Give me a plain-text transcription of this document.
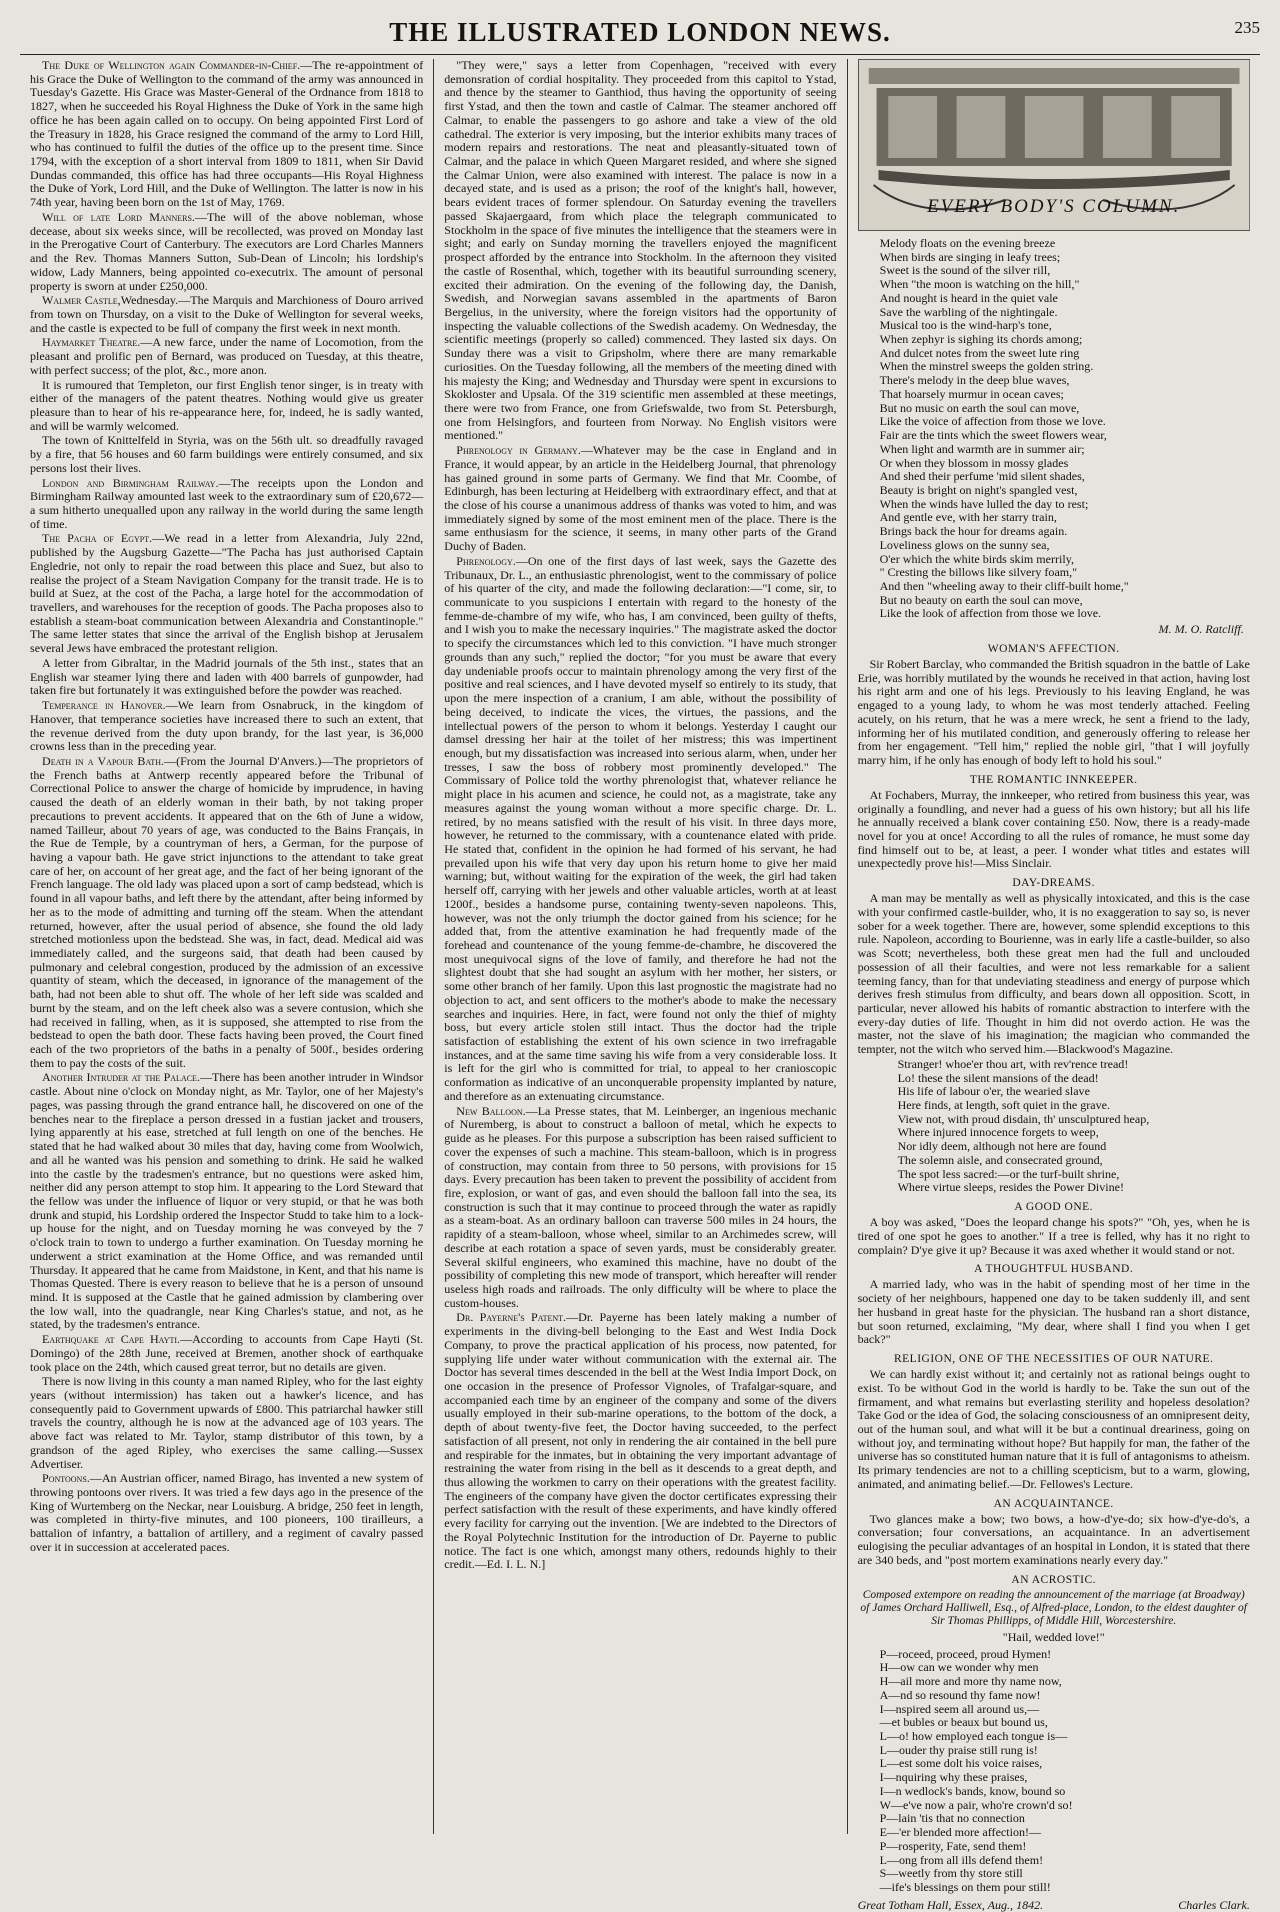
THE ILLUSTRATED LONDON NEWS.	235

The Duke of Wellington again Commander-in-Chief.—The re-appointment of his Grace the Duke of Wellington to the command of the army was announced in Tuesday's Gazette. His Grace was Master-General of the Ordnance from 1818 to 1827, when he succeeded his Royal Highness the Duke of York in the same high office he has been again called on to occupy. On being appointed First Lord of the Treasury in 1828, his Grace resigned the command of the army to Lord Hill, who has continued to fulfil the duties of the office up to the present time. Since 1794, with the exception of a short interval from 1809 to 1811, when Sir David Dundas commanded, this office has had three occupants—His Royal Highness the Duke of York, Lord Hill, and the Duke of Wellington. The latter is now in his 74th year, having been born on the 1st of May, 1769.

Will of late Lord Manners.—The will of the above nobleman, whose decease, about six weeks since, will be recollected, was proved on Monday last in the Prerogative Court of Canterbury. The executors are Lord Charles Manners and the Rev. Thomas Manners Sutton, Sub-Dean of Lincoln; his lordship's widow, Lady Manners, being appointed co-executrix. The amount of personal property is sworn at under £250,000.

Walmer Castle,Wednesday.—The Marquis and Marchioness of Douro arrived from town on Thursday, on a visit to the Duke of Wellington for several weeks, and the castle is expected to be full of company the first week in next month.

Haymarket Theatre.—A new farce, under the name of Locomotion, from the pleasant and prolific pen of Bernard, was produced on Tuesday, at this theatre, with perfect success; of the plot, &c., more anon.

It is rumoured that Templeton, our first English tenor singer, is in treaty with either of the managers of the patent theatres. Nothing would give us greater pleasure than to hear of his re-appearance here, for, indeed, he is sadly wanted, and will be warmly welcomed.

The town of Knittelfeld in Styria, was on the 56th ult. so dreadfully ravaged by a fire, that 56 houses and 60 farm buildings were entirely consumed, and six persons lost their lives.

London and Birmingham Railway.—The receipts upon the London and Birmingham Railway amounted last week to the extraordinary sum of £20,672—a sum hitherto unequalled upon any railway in the world during the same length of time.

The Pacha of Egypt.—We read in a letter from Alexandria, July 22nd, published by the Augsburg Gazette—"The Pacha has just authorised Captain Engledrie, not only to repair the road between this place and Suez, but also to realise the project of a Steam Navigation Company for the transit trade. He is to build at Suez, at the cost of the Pacha, a large hotel for the accommodation of travellers, and warehouses for the reception of goods. The Pacha proposes also to establish a steam-boat communication between Alexandria and Constantinople." The same letter states that since the arrival of the English bishop at Jerusalem several Jews have embraced the protestant religion.

A letter from Gibraltar, in the Madrid journals of the 5th inst., states that an English war steamer lying there and laden with 400 barrels of gunpowder, had taken fire but fortunately it was extinguished before the powder was reached.

Temperance in Hanover.—We learn from Osnabruck, in the kingdom of Hanover, that temperance societies have increased there to such an extent, that the revenue derived from the duty upon brandy, for the last year, is 36,000 crowns less than in the preceding year.

Death in a Vapour Bath.—(From the Journal D'Anvers.)—The proprietors of the French baths at Antwerp recently appeared before the Tribunal of Correctional Police to answer the charge of homicide by imprudence, in having caused the death of an elderly woman in their bath, by not taking proper precautions to prevent accidents. It appeared that on the 6th of June a widow, named Tailleur, about 70 years of age, was conducted to the Bains Français, in the Rue de Temple, by a countryman of hers, a German, for the purpose of having a vapour bath. He gave strict injunctions to the attendant to take great care of her, on account of her great age, and the fact of her being ignorant of the French language. The old lady was placed upon a sort of camp bedstead, which is found in all vapour baths, and left there by the attendant, after being informed by her as to the mode of admitting and turning off the steam. When the attendant returned, however, after the usual period of absence, she found the old lady stretched motionless upon the bedstead. She was, in fact, dead. Medical aid was immediately called, and the surgeons said, that death had been caused by pulmonary and celebral congestion, produced by the admission of an excessive quantity of steam, which the deceased, in ignorance of the management of the bath, had not been able to shut off. The whole of her left side was scalded and burnt by the steam, and on the left cheek also was a severe contusion, which she had received in falling, when, as it is supposed, she attempted to rise from the bedstead to open the bath door. These facts having been proved, the Court fined each of the two proprietors of the baths in a penalty of 500f., besides ordering them to pay the costs of the suit.

Another Intruder at the Palace.—There has been another intruder in Windsor castle. About nine o'clock on Monday night, as Mr. Taylor, one of her Majesty's pages, was passing through the grand entrance hall, he discovered on one of the benches near to the fireplace a person dressed in a fustian jacket and trousers, lying apparently at his ease, stretched at full length on one of the benches. He stated that he had walked about 30 miles that day, having come from Woolwich, and all he wanted was his pension and something to drink. He said he walked into the castle by the tradesmen's entrance, but no questions were asked him, neither did any person attempt to stop him. It appearing to the Lord Steward that the fellow was under the influence of liquor or very stupid, or that he was both drunk and stupid, his Lordship ordered the Inspector Studd to take him to a lock-up house for the night, and on Tuesday morning he was conveyed by the 7 o'clock train to town to undergo a further examination. On Tuesday morning he underwent a strict examination at the Home Office, and was remanded until Thursday. It appeared that he came from Maidstone, in Kent, and that his name is Thomas Quested. There is every reason to believe that he is a person of unsound mind. It is supposed at the Castle that he gained admission by clambering over the low wall, into the quadrangle, near King Charles's statue, and not, as he stated, by the tradesmen's entrance.

Earthquake at Cape Hayti.—According to accounts from Cape Hayti (St. Domingo) of the 28th June, received at Bremen, another shock of earthquake took place on the 24th, which caused great terror, but no details are given.

There is now living in this county a man named Ripley, who for the last eighty years (without intermission) has taken out a hawker's licence, and has consequently paid to Government upwards of £800. This patriarchal hawker still travels the country, although he is now at the advanced age of 103 years. The above fact was related to Mr. Taylor, stamp distributor of this town, by a grandson of the aged Ripley, who exercises the same calling.—Sussex Advertiser.

Pontoons.—An Austrian officer, named Birago, has invented a new system of throwing pontoons over rivers. It was tried a few days ago in the presence of the King of Wurtemberg on the Neckar, near Louisburg. A bridge, 250 feet in length, was completed in thirty-five minutes, and 100 pioneers, 100 tirailleurs, a battalion of infantry, a battalion of artillery, and a regiment of cavalry passed over it in succession at accelerated paces.

"They were," says a letter from Copenhagen, "received with every demonsration of cordial hospitality. They proceeded from this capitol to Ystad, and thence by the steamer to Ganthiod, thus having the opportunity of seeing first Ystad, and then the town and castle of Calmar. The steamer anchored off Calmar, to enable the passengers to go ashore and take a view of the old cathedral. The exterior is very imposing, but the interior exhibits many traces of modern repairs and restorations. The neat and pleasantly-situated town of Calmar, and the palace in which Queen Margaret resided, and where she signed the Calmar Union, were also examined with interest. The palace is now in a decayed state, and is used as a prison; the roof of the knight's hall, however, bears evident traces of former splendour. On Saturday evening the travellers passed Skajaergaard, from which place the telegraph communicated to Stockholm in the space of five minutes the intelligence that the steamers were in sight; and early on Sunday morning the travellers enjoyed the magnificent prospect afforded by the entrance into Stockholm. In the afternoon they visited the castle of Rosenthal, which, together with its beautiful surrounding scenery, excited their admiration. On the evening of the following day, the Danish, Swedish, and Norwegian savans assembled in the apartments of Baron Bergelius, in the university, where the foreign visitors had the opportunity of inspecting the valuable collections of the Swedish academy. On Wednesday, the scientific meetings (properly so called) commenced. They lasted six days. On Sunday there was a visit to Gripsholm, where there are many remarkable curiosities. On the Tuesday following, all the members of the meeting dined with his majesty the King; and Wednesday and Thursday were spent in excursions to Skokloster and Upsala. Of the 319 scientific men assembled at these meetings, there were two from France, one from Griefswalde, two from St. Petersburgh, one from Helsingfors, and fourteen from Norway. No English visitors were mentioned."

Phrenology in Germany.—Whatever may be the case in England and in France, it would appear, by an article in the Heidelberg Journal, that phrenology has gained ground in some parts of Germany. We find that Mr. Coombe, of Edinburgh, has been lecturing at Heidelberg with extraordinary effect, and that at the close of his course a unanimous address of thanks was voted to him, and was immediately signed by some of the most eminent men of the place. There is the same enthusiasm for the science, it seems, in many other parts of the Grand Duchy of Baden.

Phrenology.—On one of the first days of last week, says the Gazette des Tribunaux, Dr. L., an enthusiastic phrenologist, went to the commissary of police of his quarter of the city, and made the following declaration:—"I come, sir, to communicate to you suspicions I entertain with regard to the honesty of the femme-de-chambre of my wife, who has, I am convinced, been guilty of thefts, and I wish you to make the necessary inquiries." The magistrate asked the doctor to specify the circumstances which led to this conviction. "I have much stronger grounds than any such," replied the doctor; "for you must be aware that every day undeniable proofs occur to maintain phrenology among the very first of the positive and real sciences, and I have devoted myself so entirely to its study, that upon the mere inspection of a cranium, I am able, without the possibility of being deceived, to indicate the vices, the virtues, the passions, and the intellectual powers of the person to whom it belongs. Yesterday I caught our damsel dressing her hair at the toilet of her mistress; this was impertinent enough, but my dissatisfaction was increased into serious alarm, when, under her tresses, I saw the boss of robbery most prominently developed." The Commissary of Police told the worthy phrenologist that, whatever reliance he might place in his acumen and science, he could not, as a magistrate, take any measures against the young woman without a more specific charge. Dr. L. retired, by no means satisfied with the result of his visit. In three days more, however, he returned to the commissary, with a countenance elated with pride. He stated that, confident in the opinion he had formed of his servant, he had prevailed upon his wife that very day upon his return home to give her maid warning; but, without waiting for the expiration of the week, the girl had taken herself off, carrying with her jewels and other valuable articles, worth at at least 1200f., besides a handsome purse, containing twenty-seven napoleons. This, however, was not the only triumph the doctor gained from his science; for he added that, from the attentive examination he had frequently made of the forehead and countenance of the young femme-de-chambre, he discovered the most unequivocal signs of the love of family, and therefore he had not the slightest doubt that she had sought an asylum with her mother, her sisters, or some other branch of her family. Upon this last prognostic the magistrate had no objection to act, and sent officers to the mother's abode to make the necessary searches and inquiries. Here, in fact, were found not only the thief of mighty boss, but every article stolen still intact. Thus the doctor had the triple satisfaction of establishing the extent of his own science in two irrefragable instances, and at the same time saving his wife from a very considerable loss. It is left for the girl who is committed for trial, to appeal to her cranioscopic conformation as indicative of an unconquerable propensity implanted by nature, and therefore as an extenuating circumstance.

New Balloon.—La Presse states, that M. Leinberger, an ingenious mechanic of Nuremberg, is about to construct a balloon of metal, which he expects to guide as he pleases. For this purpose a subscription has been raised sufficient to cover the expenses of such a machine. This steam-balloon, which is in progress of construction, may contain from three to 50 persons, with provisions for 15 days. Every precaution has been taken to prevent the possibility of accident from fire, explosion, or want of gas, and even should the balloon fall into the sea, its construction is such that it may continue to proceed through the water as rapidly as a steam-boat. As an ordinary balloon can traverse 500 miles in 24 hours, the rapidity of a steam-balloon, whose wheel, similar to an Archimedes screw, will describe at each rotation a space of seven yards, must be considerably greater. Several skilful engineers, who examined this machine, have no doubt of the possibility of completing this new mode of transport, which hereafter will render useless high roads and railroads. The only difficulty will be where to place the custom-houses.

Dr. Payerne's Patent.—Dr. Payerne has been lately making a number of experiments in the diving-bell belonging to the East and West India Dock Company, to prove the practical application of his process, now patented, for supplying life under water without communication with the external air. The Doctor has several times descended in the bell at the West India Import Dock, on one occasion in the presence of Professor Vignoles, of Trafalgar-square, and accompanied each time by an engineer of the company and some of the divers usually employed in their sub-marine operations, to the bottom of the dock, a depth of about twenty-five feet, the Doctor having succeeded, to the perfect satisfaction of all present, not only in rendering the air contained in the bell pure and respirable for the inmates, but in obtaining the very important advantage of restraining the water from rising in the bell as it descends to a great depth, and thus allowing the workmen to carry on their operations with the greatest facility. The engineers of the company have given the doctor certificates expressing their perfect satisfaction with the result of these experiments, and have kindly offered every facility for carrying out the invention. [We are indebted to the Directors of the Royal Polytechnic Institution for the introduction of Dr. Payerne to public notice. The fact is one which, amongst many others, redounds highly to their credit.—Ed. I. L. N.]

EVERY BODY'S COLUMN.
Melody floats on the evening breeze
When birds are singing in leafy trees;
Sweet is the sound of the silver rill,
When "the moon is watching on the hill,"
And nought is heard in the quiet vale
Save the warbling of the nightingale.
Musical too is the wind-harp's tone,
When zephyr is sighing its chords among;
And dulcet notes from the sweet lute ring
When the minstrel sweeps the golden string.
There's melody in the deep blue waves,
That hoarsely murmur in ocean caves;
But no music on earth the soul can move,
Like the voice of affection from those we love.
Fair are the tints which the sweet flowers wear,
When light and warmth are in summer air;
Or when they blossom in mossy glades
And shed their perfume 'mid silent shades,
Beauty is bright on night's spangled vest,
When the winds have lulled the day to rest;
And gentle eve, with her starry train,
Brings back the hour for dreams again.
Loveliness glows on the sunny sea,
O'er which the white birds skim merrily,
" Cresting the billows like silvery foam,"
And then "wheeling away to their cliff-built home,"
But no beauty on earth the soul can move,
Like the look of affection from those we love.

M. M. O. Ratcliff.

WOMAN'S AFFECTION.

Sir Robert Barclay, who commanded the British squadron in the battle of Lake Erie, was horribly mutilated by the wounds he received in that action, having lost his right arm and one of his legs. Previously to his leaving England, he was engaged to a young lady, to whom he was most tenderly attached. Feeling acutely, on his return, that he was a mere wreck, he sent a friend to the lady, informing her of his mutilated condition, and generously offering to release her from her engagement. "Tell him," replied the noble girl, "that I will joyfully marry him, if he only has enough of body left to hold his soul."

THE ROMANTIC INNKEEPER.

At Fochabers, Murray, the innkeeper, who retired from business this year, was originally a foundling, and never had a guess of his own history; but all his life he annually received a blank cover containing £50. Now, there is a ready-made novel for you at once! According to all the rules of romance, he must some day find himself out to be, at least, a peer. I wonder what titles and estates will unexpectedly prove his!—Miss Sinclair.

DAY-DREAMS.

A man may be mentally as well as physically intoxicated, and this is the case with your confirmed castle-builder, who, it is no exaggeration to say so, is never sober for a week together. There are, however, some splendid exceptions to this rule. Napoleon, according to Bourienne, was in early life a castle-builder, so also was Scott; nevertheless, both these great men had the full and unclouded possession of all their faculties, and were not less remarkable for a salient teeming fancy, than for that undeviating steadiness and energy of purpose which derives fresh stimulus from difficulty, and bears down all opposition. Scott, in particular, never allowed his habits of romantic abstraction to interfere with the every-day duties of life. Thought in him did not overdo action. He was the master, not the slave of his imagination; the magician who commanded the tempter, not the witch who served him.—Blackwood's Magazine.

Stranger! whoe'er thou art, with rev'rence tread!
Lo! these the silent mansions of the dead!
His life of labour o'er, the wearied slave
Here finds, at length, soft quiet in the grave.
View not, with proud disdain, th' unsculptured heap,
Where injured innocence forgets to weep,
Nor idly deem, although not here are found
The solemn aisle, and consecrated ground,
The spot less sacred:—or the turf-built shrine,
Where virtue sleeps, resides the Power Divine!

A GOOD ONE.

A boy was asked, "Does the leopard change his spots?" "Oh, yes, when he is tired of one spot he goes to another." If a tree is felled, why has it no right to complain? D'ye give it up? Because it was axed whether it would stand or not.

A THOUGHTFUL HUSBAND.

A married lady, who was in the habit of spending most of her time in the society of her neighbours, happened one day to be taken suddenly ill, and sent her husband in great haste for the physician. The husband ran a short distance, but soon returned, exclaiming, "My dear, where shall I find you when I get back?"

RELIGION, ONE OF THE NECESSITIES OF OUR NATURE.

We can hardly exist without it; and certainly not as rational beings ought to exist. To be without God in the world is hardly to be. Take the sun out of the firmament, and what remains but everlasting sterility and hopeless desolation? Take God or the idea of God, the solacing consciousness of an omnipresent deity, out of the human soul, and what will it be but a continual dreariness, going on without joy, and terminating without hope? But happily for man, the father of the universe has so constituted human nature that it is full of antagonisms to atheism. Its primary tendencies are not to a chilling scepticism, but to a warm, glowing, animated, and animating belief.—Dr. Fellowes's Lecture.

AN ACQUAINTANCE.

Two glances make a bow; two bows, a how-d'ye-do; six how-d'ye-do's, a conversation; four conversations, an acquaintance. In an advertisement eulogising the peculiar advantages of an hospital in London, it is stated that there are 340 beds, and "post mortem examinations nearly every day."

AN ACROSTIC.

Composed extempore on reading the announcement of the marriage (at Broadway) of James Orchard Halliwell, Esq., of Alfred-place, London, to the eldest daughter of Sir Thomas Phillipps, of Middle Hill, Worcestershire.

"Hail, wedded love!"

P—roceed, proceed, proud Hymen!
H—ow can we wonder why men
H—ail more and more thy name now,
A—nd so resound thy fame now!
I—nspired seem all around us,—
—et bubles or beaux but bound us,
L—o! how employed each tongue is—
L—ouder thy praise still rung is!
L—est some dolt his voice raises,
I—nquiring why these praises,
I—n wedlock's bands, know, bound so
W—e've now a pair, who're crown'd so!
P—lain 'tis that no connection
E—'er blended more affection!—
P—rosperity, Fate, send them!
L—ong from all ills defend them!
S—weetly from thy store still
—ife's blessings on them pour still!
Great Totham Hall, Essex, Aug., 1842.	Charles Clark.
